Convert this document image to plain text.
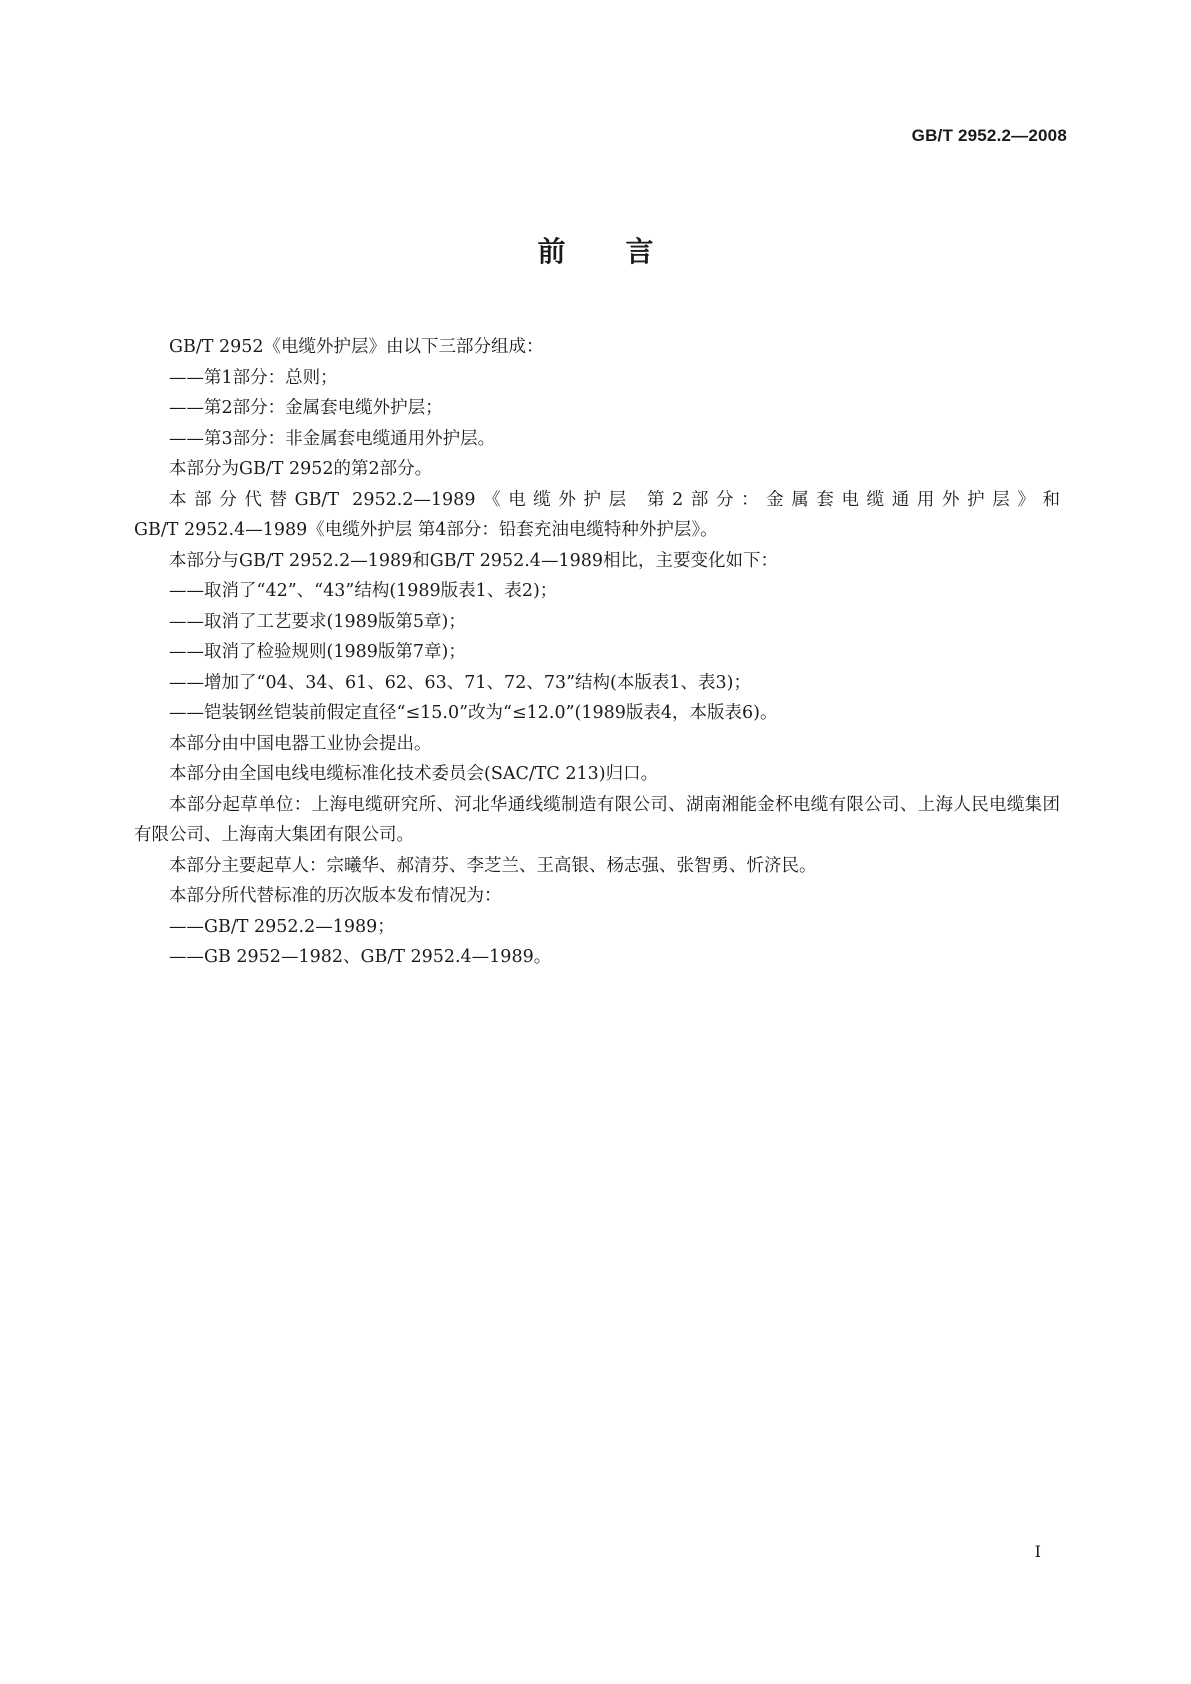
GB/T 2952.2—2008
前言

GB/T 2952《电缆外护层》由以下三部分组成：

——第1部分：总则；

——第2部分：金属套电缆外护层；

——第3部分：非金属套电缆通用外护层。

本部分为GB/T 2952的第2部分。

本部分代替GB/T 2952.2—1989《电缆外护层 第2部分：金属套电缆通用外护层》和

GB/T 2952.4—1989《电缆外护层 第4部分：铅套充油电缆特种外护层》。

本部分与GB/T 2952.2—1989和GB/T 2952.4—1989相比，主要变化如下：

——取消了“42”、“43”结构(1989版表1、表2)；

——取消了工艺要求(1989版第5章)；

——取消了检验规则(1989版第7章)；

——增加了“04、34、61、62、63、71、72、73”结构(本版表1、表3)；

——铠装钢丝铠装前假定直径“≤15.0”改为“≤12.0”(1989版表4，本版表6)。

本部分由中国电器工业协会提出。

本部分由全国电线电缆标准化技术委员会(SAC/TC 213)归口。

本部分起草单位：上海电缆研究所、河北华通线缆制造有限公司、湖南湘能金杯电缆有限公司、上海人民电缆集团有限公司、上海南大集团有限公司。

本部分主要起草人：宗曦华、郝清芬、李芝兰、王高银、杨志强、张智勇、忻济民。

本部分所代替标准的历次版本发布情况为：

——GB/T 2952.2—1989；

——GB 2952—1982、GB/T 2952.4—1989。

I
